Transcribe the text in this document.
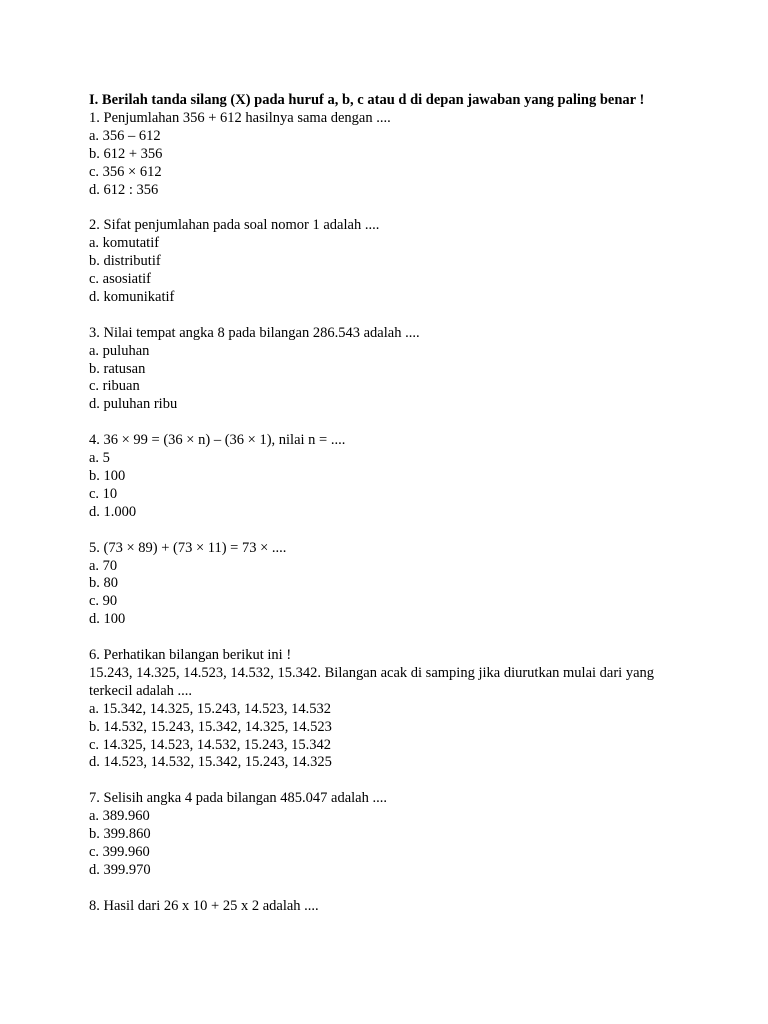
I. Berilah tanda silang (X) pada huruf a, b, c atau d di depan jawaban yang paling benar !
1. Penjumlahan 356 + 612 hasilnya sama dengan ....
a. 356 – 612
b. 612 + 356
c. 356 × 612
d. 612 : 356
2. Sifat penjumlahan pada soal nomor 1 adalah ....
a. komutatif
b. distributif
c. asosiatif
d. komunikatif
3. Nilai tempat angka 8 pada bilangan 286.543 adalah ....
a. puluhan
b. ratusan
c. ribuan
d. puluhan ribu
4. 36 × 99 = (36 × n) – (36 × 1), nilai n = ....
a. 5
b. 100
c. 10
d. 1.000
5. (73 × 89) + (73 × 11) = 73 × ....
a. 70
b. 80
c. 90
d. 100
6. Perhatikan bilangan berikut ini !
15.243, 14.325, 14.523, 14.532, 15.342. Bilangan acak di samping jika diurutkan mulai dari yang terkecil adalah ....
a. 15.342, 14.325, 15.243, 14.523, 14.532
b. 14.532, 15.243, 15.342, 14.325, 14.523
c. 14.325, 14.523, 14.532, 15.243, 15.342
d. 14.523, 14.532, 15.342, 15.243, 14.325
7. Selisih angka 4 pada bilangan 485.047 adalah ....
a. 389.960
b. 399.860
c. 399.960
d. 399.970
8. Hasil dari 26 x 10 + 25 x 2 adalah ....
